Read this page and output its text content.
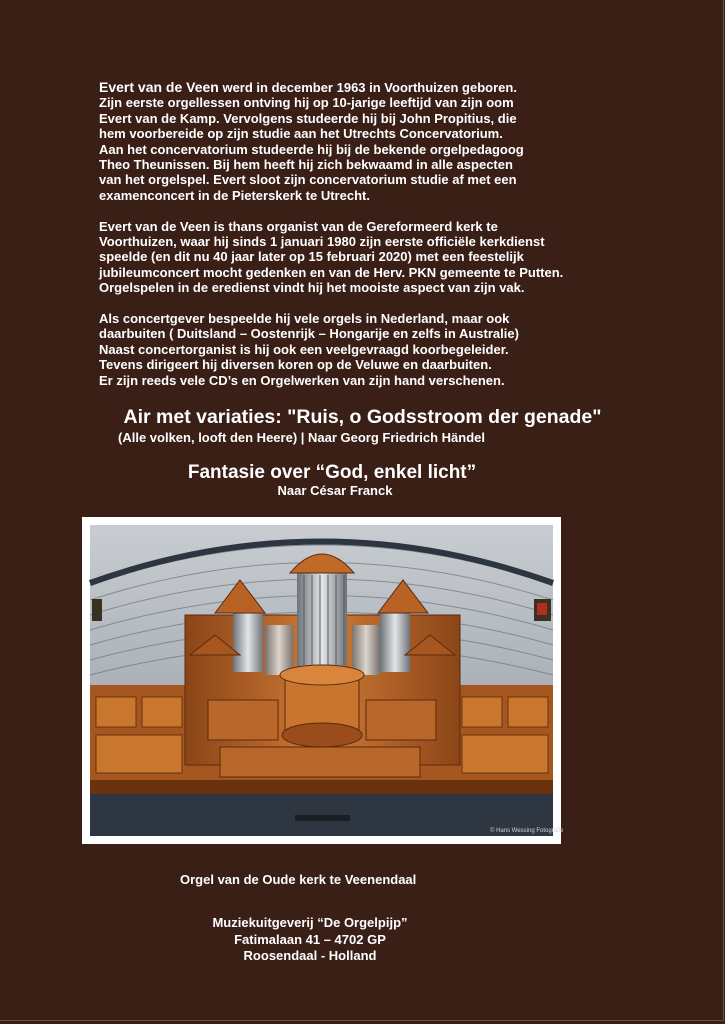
Evert van de Veen werd in december 1963 in Voorthuizen geboren.
Zijn eerste orgellessen ontving hij op 10-jarige leeftijd van zijn oom
Evert van de Kamp. Vervolgens studeerde hij bij John Propitius, die
hem voorbereide op zijn studie aan het Utrechts Concervatorium.
Aan het concervatorium studeerde hij bij de bekende orgelpedagoog
Theo Theunissen. Bij hem heeft hij zich bekwaamd in alle aspecten
van het orgelspel. Evert sloot zijn concervatorium studie af met een
examenconcert in de Pieterskerk te Utrecht.

Evert van de Veen is thans organist van de Gereformeerd kerk te
Voorthuizen, waar hij sinds 1 januari 1980 zijn eerste officiële kerkdienst
speelde (en dit nu 40 jaar later op 15 februari 2020) met een feestelijk
jubileumconcert mocht gedenken en van de Herv. PKN gemeente te Putten.
Orgelspelen in de eredienst vindt hij het mooiste aspect van zijn vak.

Als concertgever bespeelde hij vele orgels in Nederland, maar ook
daarbuiten ( Duitsland – Oostenrijk – Hongarije en zelfs in Australie)
Naast concertorganist is hij ook een veelgevraagd koorbegeleider.
Tevens dirigeert hij diversen koren op de Veluwe en daarbuiten.
Er zijn reeds vele CD’s en Orgelwerken van zijn hand verschenen.

Air met variaties: "Ruis, o Godsstroom der genade"
(Alle volken, looft den Heere) | Naar Georg Friedrich Händel
Fantasie over “God, enkel licht”
Naar César Franck
© Hans Wessing Fotografie
Orgel van de Oude kerk te Veenendaal
Muziekuitgeverij “De Orgelpijp”
Fatimalaan 41 – 4702 GP
Roosendaal - Holland
